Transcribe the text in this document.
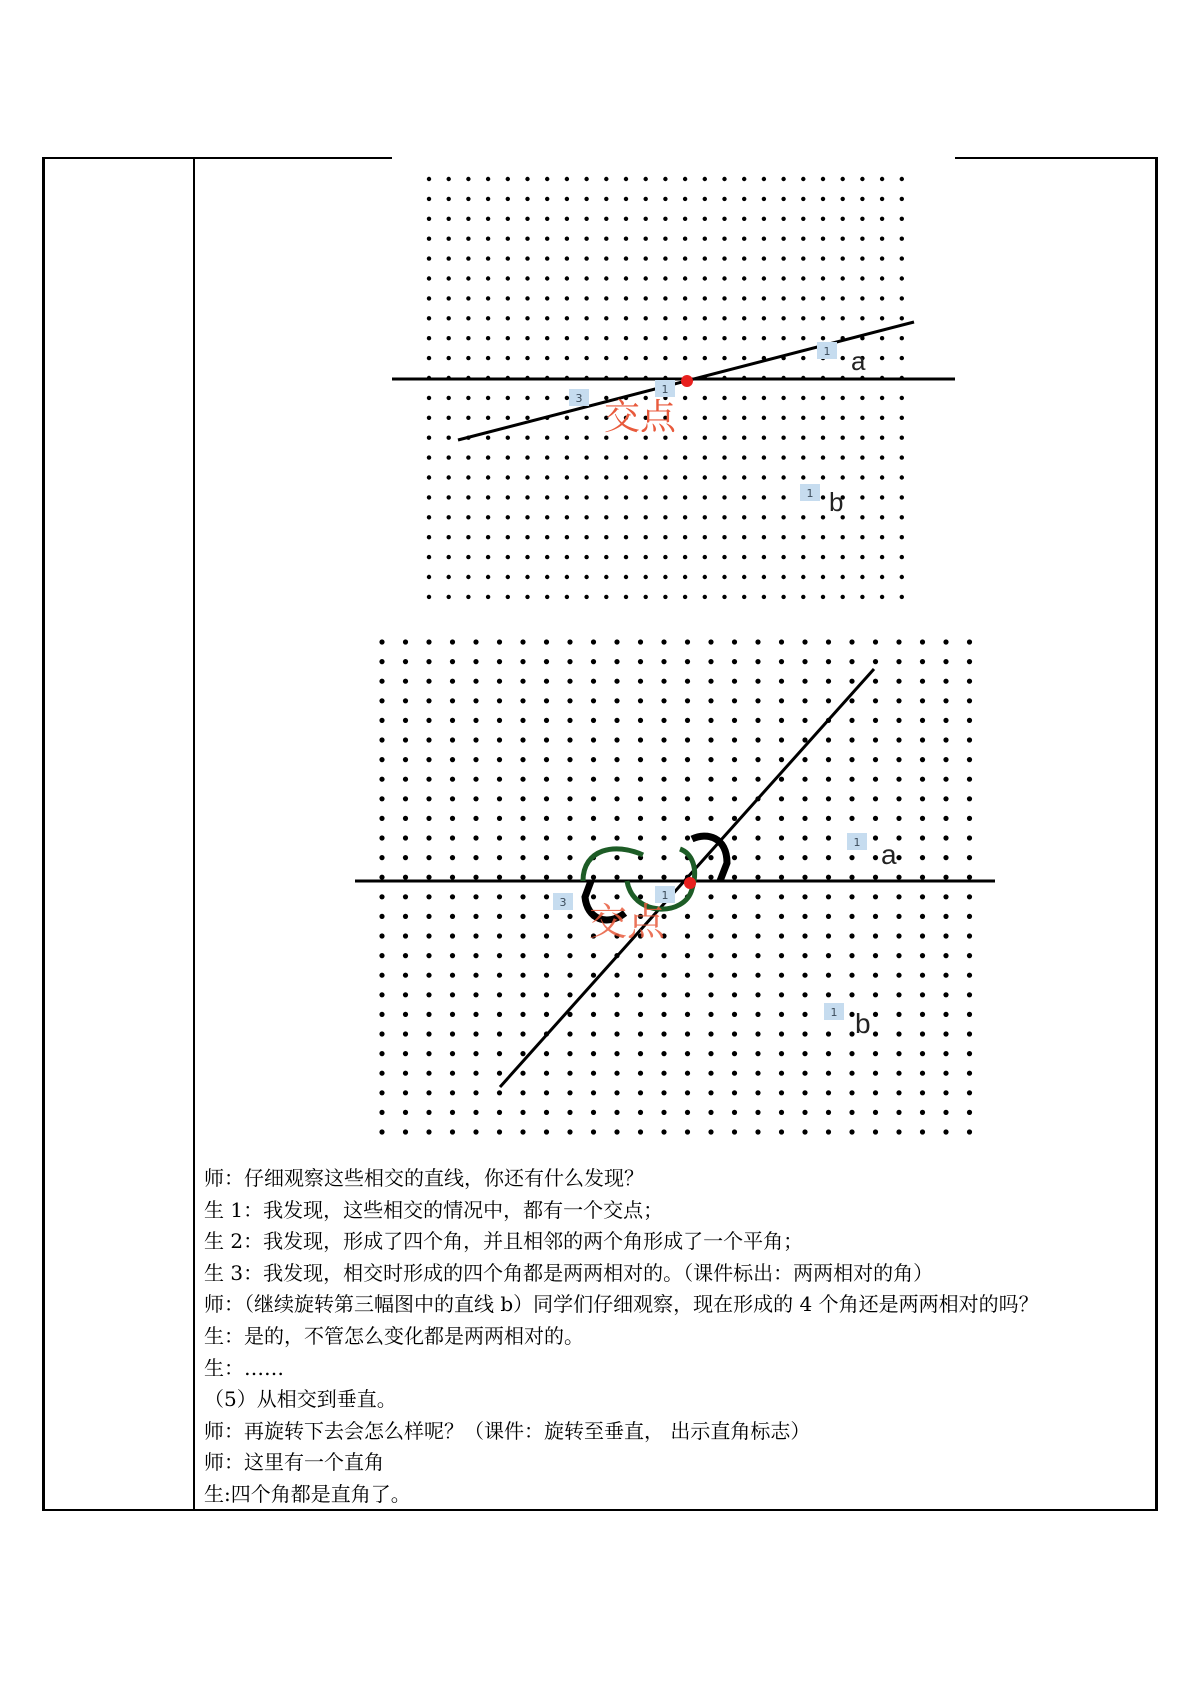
3
1
1
1
a
b
交点
3
1
1
1
a
b
交点
师：仔细观察这些相交的直线，你还有什么发现？
生 1：我发现，这些相交的情况中，都有一个交点；
生 2：我发现，形成了四个角，并且相邻的两个角形成了一个平角；
生 3：我发现，相交时形成的四个角都是两两相对的。（课件标出：两两相对的角）
师：（继续旋转第三幅图中的直线 b）同学们仔细观察，现在形成的 4 个角还是两两相对的吗？
生：是的，不管怎么变化都是两两相对的。
生：……
（5）从相交到垂直。
师：再旋转下去会怎么样呢？（课件：旋转至垂直， 出示直角标志）
师：这里有一个直角
生:四个角都是直角了。
